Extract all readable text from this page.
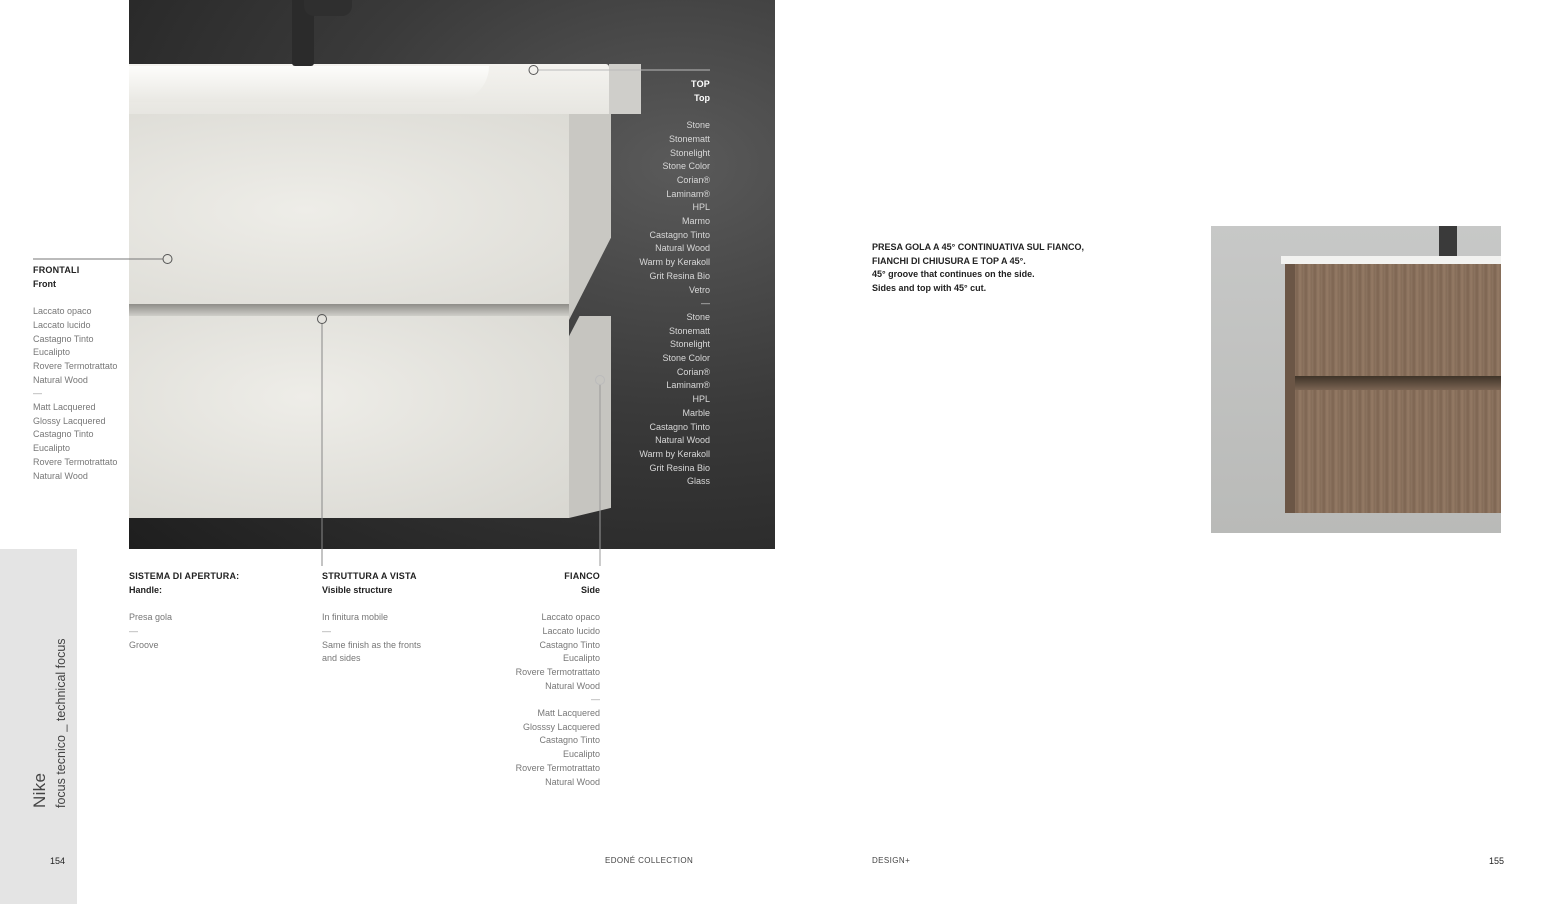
Nike focus tecnico _ technical focus
FRONTALI
Front
Laccato opaco
Laccato lucido
Castagno Tinto
Eucalipto
Rovere Termotrattato
Natural Wood
—
Matt Lacquered
Glossy Lacquered
Castagno Tinto
Eucalipto
Rovere Termotrattato
Natural Wood
TOP
Top
Stone
Stonematt
Stonelight
Stone Color
Corian®
Laminam®
HPL
Marmo
Castagno Tinto
Natural Wood
Warm by Kerakoll
Grit Resina Bio
Vetro
—
Stone
Stonematt
Stonelight
Stone Color
Corian®
Laminam®
HPL
Marble
Castagno Tinto
Natural Wood
Warm by Kerakoll
Grit Resina Bio
Glass
SISTEMA DI APERTURA:
Handle:
Presa gola
—
Groove
STRUTTURA A VISTA
Visible structure
In finitura mobile
—
Same finish as the fronts
and sides
FIANCO
Side
Laccato opaco
Laccato lucido
Castagno Tinto
Eucalipto
Rovere Termotrattato
Natural Wood
—
Matt Lacquered
Glosssy Lacquered
Castagno Tinto
Eucalipto
Rovere Termotrattato
Natural Wood
PRESA GOLA A 45° CONTINUATIVA SUL FIANCO,
FIANCHI DI CHIUSURA E TOP A 45°.
45° groove that continues on the side.
Sides and top with 45° cut.
154	EDONÉ COLLECTION	DESIGN+	155
